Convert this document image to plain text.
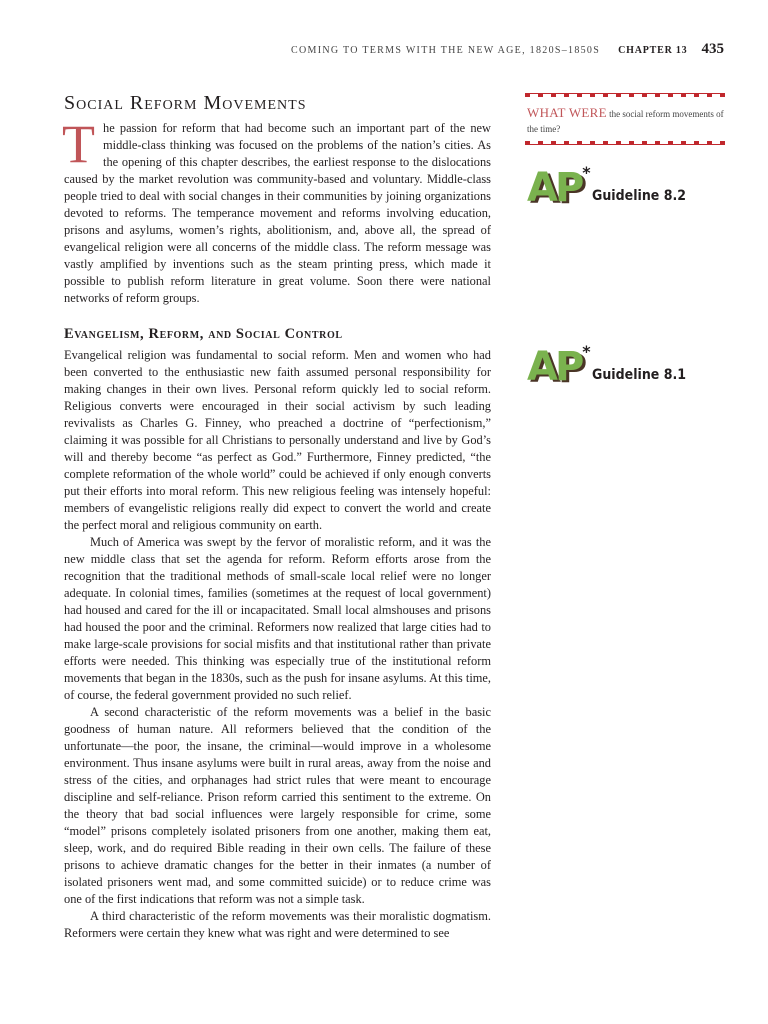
COMING TO TERMS WITH THE NEW AGE, 1820S–1850S CHAPTER 13 435
Social Reform Movements
T he passion for reform that had become such an important part of the new middle-class thinking was focused on the problems of the nation’s cities. As the opening of this chapter describes, the earliest response to the dislocations caused by the market revolution was community-based and voluntary. Middle-class people tried to deal with social changes in their communities by joining organizations devoted to reforms. The temperance movement and reforms involving education, prisons and asylums, women’s rights, abolitionism, and, above all, the spread of evangelical religion were all concerns of the middle class. The reform message was vastly amplified by inventions such as the steam printing press, which made it possible to publish reform literature in great volume. Soon there were national networks of reform groups.

Evangelism, Reform, and Social Control

Evangelical religion was fundamental to social reform. Men and women who had been converted to the enthusiastic new faith assumed personal responsibility for making changes in their own lives. Personal reform quickly led to social reform. Religious converts were encouraged in their social activism by such leading revivalists as Charles G. Finney, who preached a doctrine of “perfectionism,” claiming it was possible for all Christians to personally understand and live by God’s will and thereby become “as perfect as God.” Furthermore, Finney predicted, “the complete reformation of the whole world” could be achieved if only enough converts put their efforts into moral reform. This new religious feeling was intensely hopeful: members of evangelistic religions really did expect to convert the world and create the perfect moral and religious community on earth.

Much of America was swept by the fervor of moralistic reform, and it was the new middle class that set the agenda for reform. Reform efforts arose from the recognition that the traditional methods of small-scale local relief were no longer adequate. In colonial times, families (sometimes at the request of local government) had housed and cared for the ill or incapacitated. Small local almshouses and prisons had housed the poor and the criminal. Reformers now realized that large cities had to make large-scale provisions for social misfits and that institutional rather than private efforts were needed. This thinking was especially true of the institutional reform movements that began in the 1830s, such as the push for insane asylums. At this time, of course, the federal government provided no such relief.

A second characteristic of the reform movements was a belief in the basic goodness of human nature. All reformers believed that the condition of the unfortunate—the poor, the insane, the criminal—would improve in a wholesome environment. Thus insane asylums were built in rural areas, away from the noise and stress of the cities, and orphanages had strict rules that were meant to encourage discipline and self-reliance. Prison reform carried this sentiment to the extreme. On the theory that bad social influences were largely responsible for crime, some “model” prisons completely isolated prisoners from one another, making them eat, sleep, work, and do required Bible reading in their own cells. The failure of these prisons to achieve dramatic changes for the better in their inmates (a number of isolated prisoners went mad, and some committed suicide) or to reduce crime was one of the first indications that reform was not a simple task.

A third characteristic of the reform movements was their moralistic dogmatism. Reformers were certain they knew what was right and were determined to see

WHAT WERE the social reform movements of the time?
AP *
Guideline 8.2
AP *
Guideline 8.1
